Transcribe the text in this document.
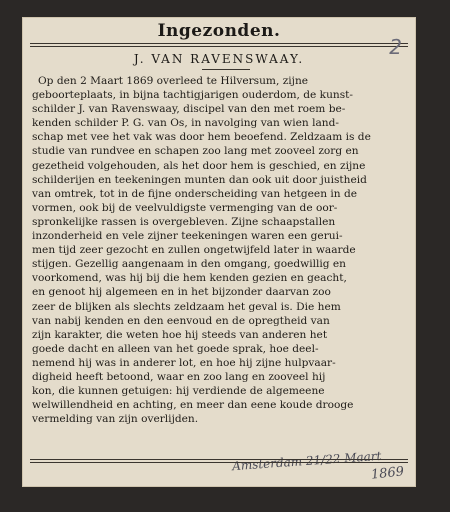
Ingezonden.
2
J. VAN RAVENSWAAY.
Op den 2 Maart 1869 overleed te Hilversum, zijne
geboorteplaats, in bijna tachtigjarigen ouderdom, de kunst-
schilder J. van Ravenswaay, discipel van den met roem be-
kenden schilder P. G. van Os, in navolging van wien land-
schap met vee het vak was door hem beoefend. Zeldzaam is de
studie van rundvee en schapen zoo lang met zooveel zorg en
gezetheid volgehouden, als het door hem is geschied, en zijne
schilderijen en teekeningen munten dan ook uit door juistheid
van omtrek, tot in de fijne onderscheiding van hetgeen in de
vormen, ook bij de veelvuldigste vermenging van de oor-
spronkelijke rassen is overgebleven. Zijne schaapstallen
inzonderheid en vele zijner teekeningen waren een gerui-
men tijd zeer gezocht en zullen ongetwijfeld later in waarde
stijgen. Gezellig aangenaam in den omgang, goedwillig en
voorkomend, was hij bij die hem kenden gezien en geacht,
en genoot hij algemeen en in het bijzonder daarvan zoo
zeer de blijken als slechts zeldzaam het geval is. Die hem
van nabij kenden en den eenvoud en de opregtheid van
zijn karakter, die weten hoe hij steeds van anderen het
goede dacht en alleen van het goede sprak, hoe deel-
nemend hij was in anderer lot, en hoe hij zijne hulpvaar-
digheid heeft betoond, waar en zoo lang en zooveel hij
kon, die kunnen getuigen: hij verdiende de algemeene
welwillendheid en achting, en meer dan eene koude drooge
vermelding van zijn overlijden.
Amsterdam 21/22 Maart
1869
